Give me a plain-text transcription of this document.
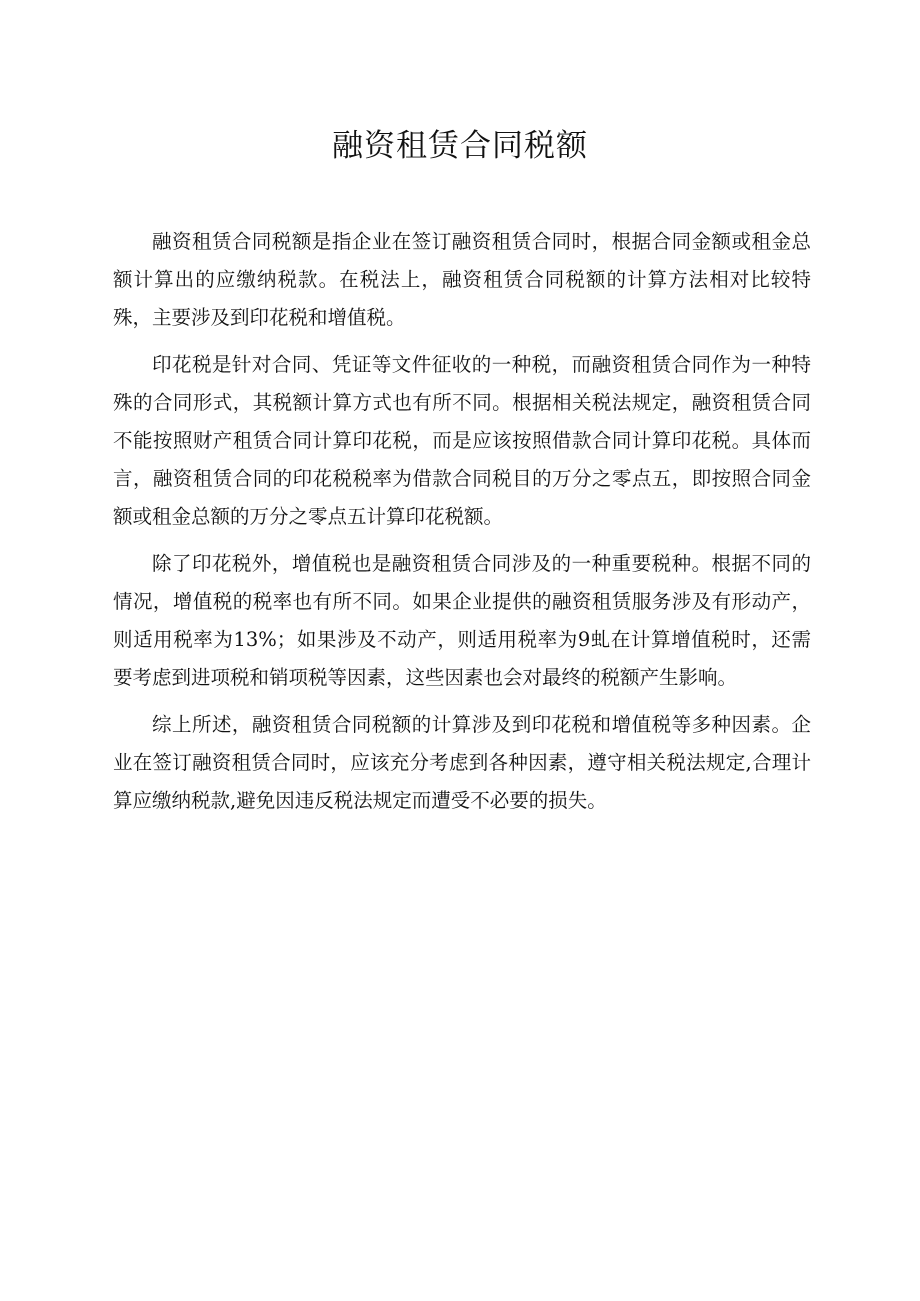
融资租赁合同税额

融资租赁合同税额是指企业在签订融资租赁合同时，根据合同金额或租金总额计算出的应缴纳税款。在税法上，融资租赁合同税额的计算方法相对比较特殊，主要涉及到印花税和增值税。

印花税是针对合同、凭证等文件征收的一种税，而融资租赁合同作为一种特殊的合同形式，其税额计算方式也有所不同。根据相关税法规定，融资租赁合同不能按照财产租赁合同计算印花税，而是应该按照借款合同计算印花税。具体而言，融资租赁合同的印花税税率为借款合同税目的万分之零点五，即按照合同金额或租金总额的万分之零点五计算印花税额。

除了印花税外，增值税也是融资租赁合同涉及的一种重要税种。根据不同的情况，增值税的税率也有所不同。如果企业提供的融资租赁服务涉及有形动产，则适用税率为13%；如果涉及不动产，则适用税率为9虬在计算增值税时，还需要考虑到进项税和销项税等因素，这些因素也会对最终的税额产生影响。

综上所述，融资租赁合同税额的计算涉及到印花税和增值税等多种因素。企业在签订融资租赁合同时，应该充分考虑到各种因素，遵守相关税法规定,合理计算应缴纳税款,避免因违反税法规定而遭受不必要的损失。
